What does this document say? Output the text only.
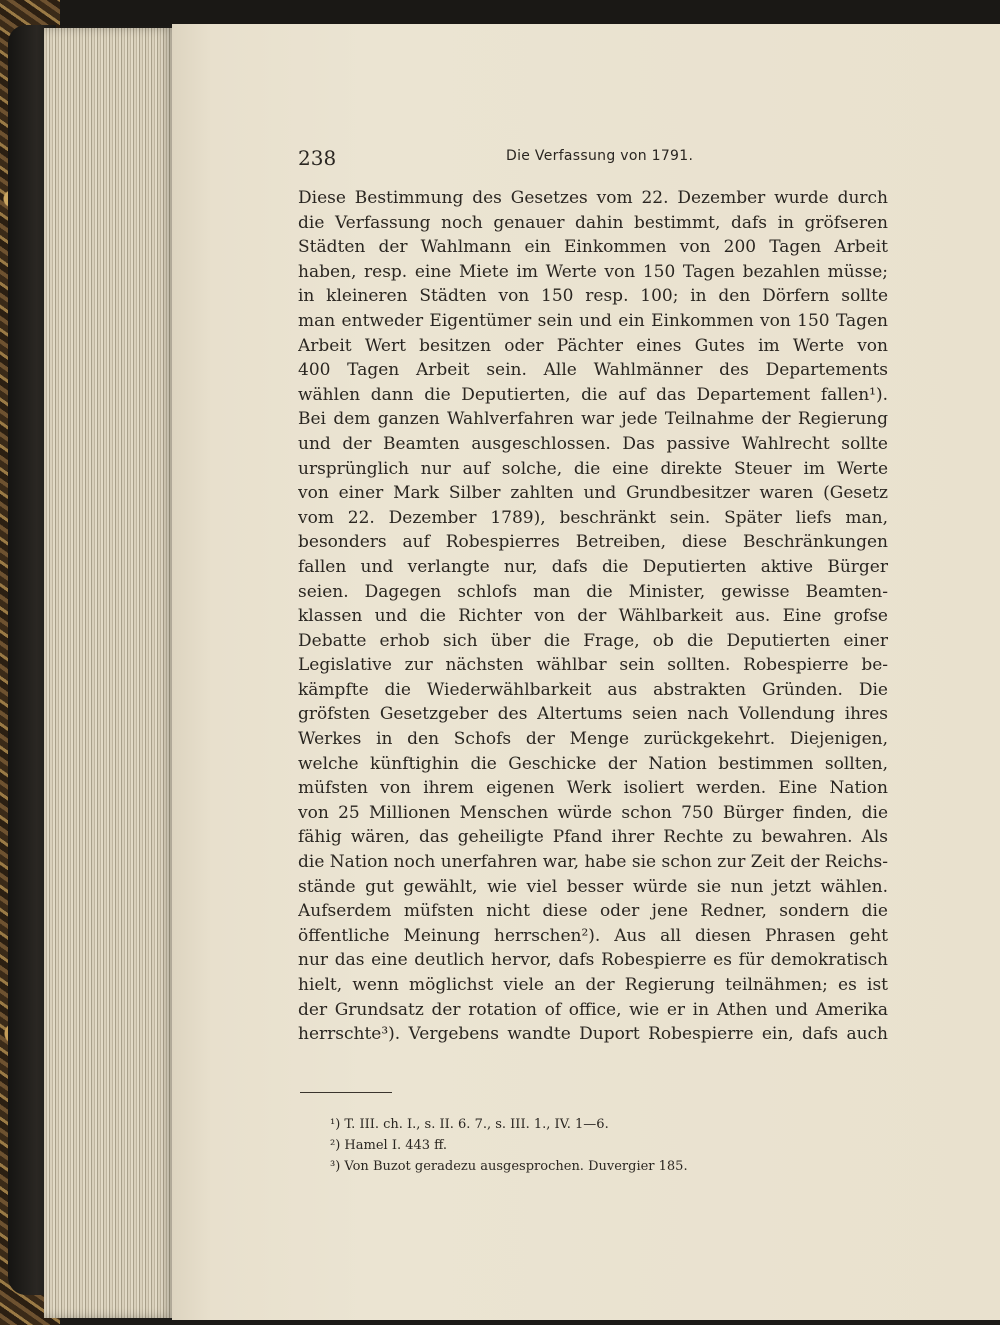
238	Die Verfassung von 1791.
Diese Bestimmung des Gesetzes vom 22. Dezember wurde durch
die Verfassung noch genauer dahin bestimmt, dafs in gröfseren
Städten der Wahlmann ein Einkommen von 200 Tagen Arbeit
haben, resp. eine Miete im Werte von 150 Tagen bezahlen müsse;
in kleineren Städten von 150 resp. 100; in den Dörfern sollte
man entweder Eigentümer sein und ein Einkommen von 150 Tagen
Arbeit Wert besitzen oder Pächter eines Gutes im Werte von
400 Tagen Arbeit sein. Alle Wahlmänner des Departements
wählen dann die Deputierten, die auf das Departement fallen¹).
Bei dem ganzen Wahlverfahren war jede Teilnahme der Regierung
und der Beamten ausgeschlossen. Das passive Wahlrecht sollte
ursprünglich nur auf solche, die eine direkte Steuer im Werte
von einer Mark Silber zahlten und Grundbesitzer waren (Gesetz
vom 22. Dezember 1789), beschränkt sein. Später liefs man,
besonders auf Robespierres Betreiben, diese Beschränkungen
fallen und verlangte nur, dafs die Deputierten aktive Bürger
seien. Dagegen schlofs man die Minister, gewisse Beamten-
klassen und die Richter von der Wählbarkeit aus. Eine grofse
Debatte erhob sich über die Frage, ob die Deputierten einer
Legislative zur nächsten wählbar sein sollten. Robespierre be-
kämpfte die Wiederwählbarkeit aus abstrakten Gründen. Die
gröfsten Gesetzgeber des Altertums seien nach Vollendung ihres
Werkes in den Schofs der Menge zurückgekehrt. Diejenigen,
welche künftighin die Geschicke der Nation bestimmen sollten,
müfsten von ihrem eigenen Werk isoliert werden. Eine Nation
von 25 Millionen Menschen würde schon 750 Bürger finden, die
fähig wären, das geheiligte Pfand ihrer Rechte zu bewahren. Als
die Nation noch unerfahren war, habe sie schon zur Zeit der Reichs-
stände gut gewählt, wie viel besser würde sie nun jetzt wählen.
Aufserdem müfsten nicht diese oder jene Redner, sondern die
öffentliche Meinung herrschen²). Aus all diesen Phrasen geht
nur das eine deutlich hervor, dafs Robespierre es für demokratisch
hielt, wenn möglichst viele an der Regierung teilnähmen; es ist
der Grundsatz der rotation of office, wie er in Athen und Amerika
herrschte³). Vergebens wandte Duport Robespierre ein, dafs auch
¹) T. III. ch. I., s. II. 6. 7., s. III. 1., IV. 1—6.
²) Hamel I. 443 ff.
³) Von Buzot geradezu ausgesprochen. Duvergier 185.
